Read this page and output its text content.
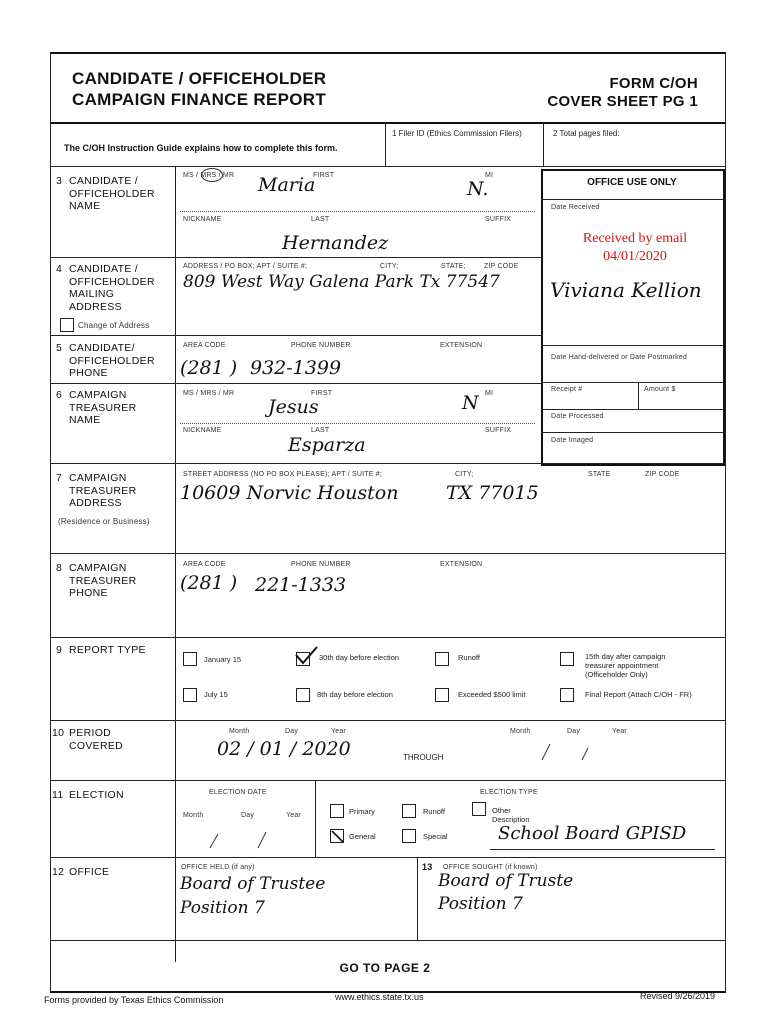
CANDIDATE / OFFICEHOLDER
CAMPAIGN FINANCE REPORT
FORM C/OH
COVER SHEET PG 1
The C/OH Instruction Guide explains how to complete this form.
1 Filer ID (Ethics Commission Filers)	2 Total pages filed:
OFFICE USE ONLY
Date Received
Received by email
04/01/2020
Viviana Kellion
Date Hand-delivered or Date Postmarked
Receipt #	Amount $
Date Processed
Date Imaged
3 CANDIDATE / OFFICEHOLDER NAME
MS / MRS / MR	FIRST	MI
Maria	N.
NICKNAME	LAST	SUFFIX
Hernandez
4 CANDIDATE / OFFICEHOLDER MAILING ADDRESS
Change of Address
ADDRESS / PO BOX; APT / SUITE #;	CITY;	STATE;	ZIP CODE
809 West Way Galena Park Tx 77547
5 CANDIDATE/ OFFICEHOLDER PHONE
AREA CODE	PHONE NUMBER	EXTENSION
(281 ) 932-1399
6 CAMPAIGN TREASURER NAME
MS / MRS / MR	FIRST	MI
Jesus	N
NICKNAME	LAST	SUFFIX
Esparza
7 CAMPAIGN TREASURER ADDRESS
(Residence or Business)
STREET ADDRESS (NO PO BOX PLEASE); APT / SUITE #;	CITY;	STATE	ZIP CODE
10609 Norvic Houston	TX 77015
8 CAMPAIGN TREASURER PHONE
AREA CODE	PHONE NUMBER	EXTENSION
(281 ) 221-1333
9 REPORT TYPE
January 15	30th day before election	Runoff	15th day after campaign treasurer appointment (Officeholder Only)
July 15	8th day before election	Exceeded $500 limit	Final Report (Attach C/OH - FR)
10 PERIOD COVERED
Month	Day	Year
02 / 01 / 2020	THROUGH
Month	Day	Year
11 ELECTION	ELECTION DATE	ELECTION TYPE
Month	Day	Year	Primary	Runoff	Other Description
General	Special	School Board GPISD
12 OFFICE	OFFICE HELD (if any)
Board of Trustee
Position 7
13 OFFICE SOUGHT (if known)
Board of Truste
Position 7
GO TO PAGE 2
Forms provided by Texas Ethics Commission	www.ethics.state.tx.us	Revised 9/26/2019
